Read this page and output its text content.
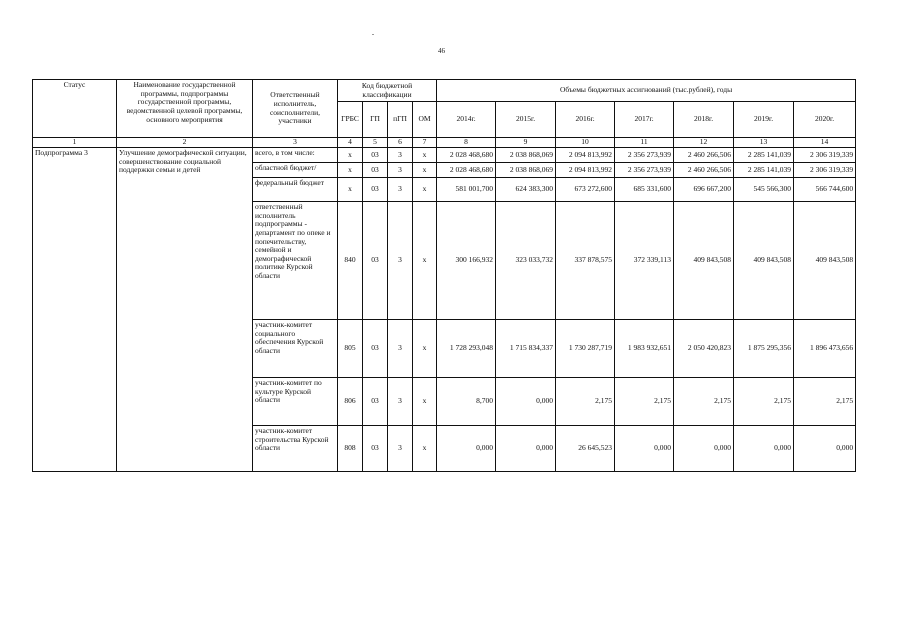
46
Статус	Наименование государственной программы, подпрограммы государственной программы, ведомственной целевой программы, основного мероприятия	Ответственный исполнитель, соисполнители, участники	Код бюджетной классификации				Объемы бюджетных ассигнований (тыс.рублей), годы						
			ГРБС	ГП	пГП	ОМ	2014г.	2015г.	2016г.	2017г.	2018г.	2019г.	2020г.
1	2	3	4	5	6	7	8	9	10	11	12	13	14
Подпрограмма 3	Улучшение демографической ситуации, совершенствование социальной поддержки семьи и детей	всего, в том числе:	х	03	3	х	2 028 468,680	2 038 868,069	2 094 813,992	2 356 273,939	2 460 266,506	2 285 141,039	2 306 319,339
		областной бюджет/	х	03	3	х	2 028 468,680	2 038 868,069	2 094 813,992	2 356 273,939	2 460 266,506	2 285 141,039	2 306 319,339
		федеральный бюджет	х	03	3	х	581 001,700	624 383,300	673 272,600	685 331,600	696 667,200	545 566,300	566 744,600
		ответственный исполнитель подпрограммы - департамент по опеке и попечительству, семейной и демографической политике Курской области	840	03	3	х	300 166,932	323 033,732	337 878,575	372 339,113	409 843,508	409 843,508	409 843,508
		участник-комитет социального обеспечения Курской области	805	03	3	х	1 728 293,048	1 715 834,337	1 730 287,719	1 983 932,651	2 050 420,823	1 875 295,356	1 896 473,656
		участник-комитет по культуре Курской области	806	03	3	х	8,700	0,000	2,175	2,175	2,175	2,175	2,175
		участник-комитет строительства Курской области	808	03	3	х	0,000	0,000	26 645,523	0,000	0,000	0,000	0,000
